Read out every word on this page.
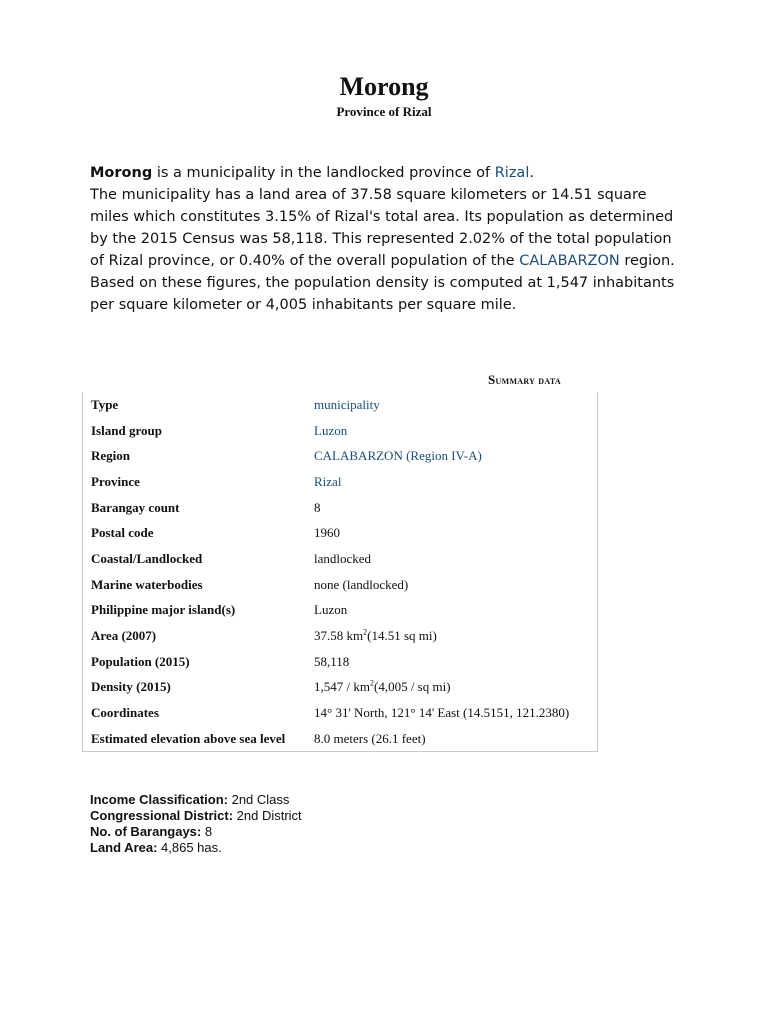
Morong
Province of Rizal

Morong is a municipality in the landlocked province of Rizal.

The municipality has a land area of 37.58 square kilometers or 14.51 square miles which constitutes 3.15% of Rizal's total area. Its population as determined by the 2015 Census was 58,118. This represented 2.02% of the total population of Rizal province, or 0.40% of the overall population of the CALABARZON region. Based on these figures, the population density is computed at 1,547 inhabitants per square kilometer or 4,005 inhabitants per square mile.

Summary data
Type	municipality
Island group	Luzon
Region	CALABARZON (Region IV-A)
Province	Rizal
Barangay count	8
Postal code	1960
Coastal/Landlocked	landlocked
Marine waterbodies	none (landlocked)
Philippine major island(s)	Luzon
Area (2007)	37.58 $km^2(14.51$ sq mi)
Population (2015)	58,118
Density (2015)	$1,547 / km^2(4,005$ / sq mi)
Coordinates	14° 31' North, 121° 14' East (14.5151, 121.2380)
Estimated elevation above sea level	8.0 meters (26.1 feet)
Income Classification: 2nd Class
Congressional District: 2nd District
No. of Barangays: 8
Land Area: 4,865 has.
